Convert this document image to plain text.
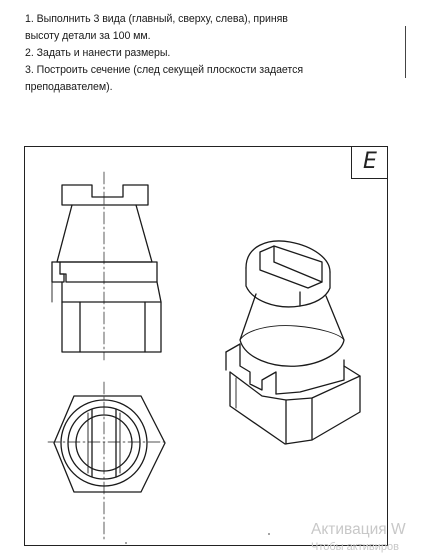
1. Выполнить 3 вида (главный, сверху, слева), приняв
высоту детали за 100 мм.
2. Задать и нанести размеры.
3. Построить сечение (след секущей плоскости задается
преподавателем).
Е
Активация W
Чтобы активиров
